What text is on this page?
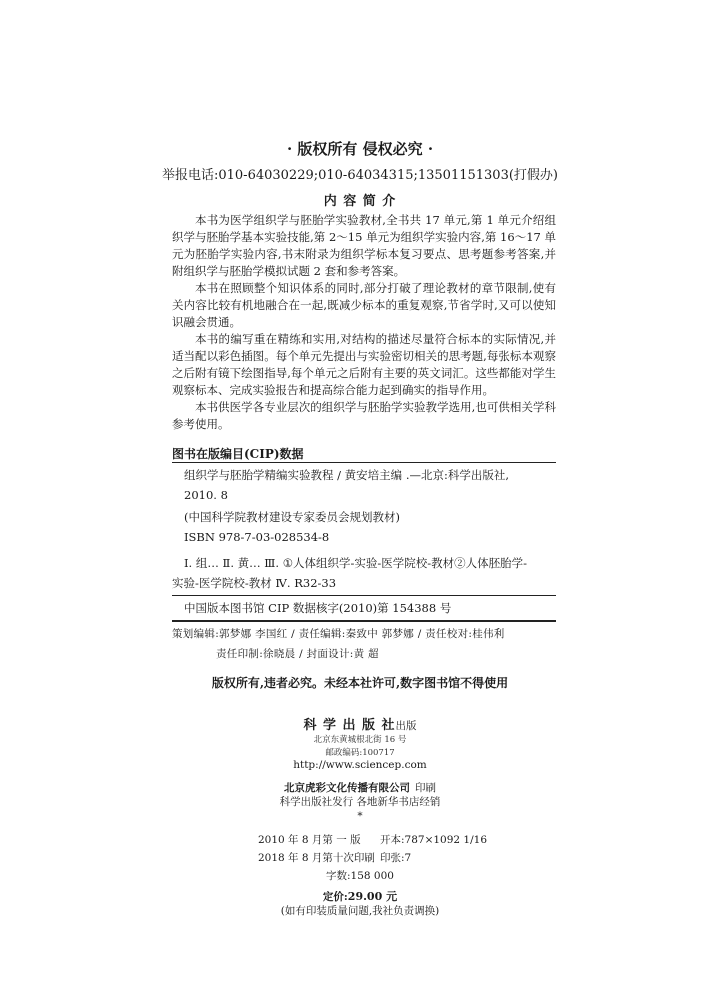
· 版权所有 侵权必究 ·
举报电话:010-64030229;010-64034315;13501151303(打假办)
内 容 简 介
本书为医学组织学与胚胎学实验教材,全书共 17 单元,第 1 单元介绍组织学与胚胎学基本实验技能,第 2～15 单元为组织学实验内容,第 16～17 单元为胚胎学实验内容,书末附录为组织学标本复习要点、思考题参考答案,并附组织学与胚胎学模拟试题 2 套和参考答案。
本书在照顾整个知识体系的同时,部分打破了理论教材的章节限制,使有关内容比较有机地融合在一起,既减少标本的重复观察,节省学时,又可以使知识融会贯通。
本书的编写重在精练和实用,对结构的描述尽量符合标本的实际情况,并适当配以彩色插图。每个单元先提出与实验密切相关的思考题,每张标本观察之后附有镜下绘图指导,每个单元之后附有主要的英文词汇。这些都能对学生观察标本、完成实验报告和提高综合能力起到确实的指导作用。
本书供医学各专业层次的组织学与胚胎学实验教学选用,也可供相关学科参考使用。
图书在版编目(CIP)数据
组织学与胚胎学精编实验教程 / 黄安培主编 .—北京:科学出版社,
2010. 8
(中国科学院教材建设专家委员会规划教材)
ISBN 978-7-03-028534-8
Ⅰ. 组… Ⅱ. 黄… Ⅲ. ①人体组织学-实验-医学院校-教材②人体胚胎学-
实验-医学院校-教材 Ⅳ. R32-33
中国版本图书馆 CIP 数据核字(2010)第 154388 号
策划编辑:郭梦娜 李国红 / 责任编辑:秦致中 郭梦娜 / 责任校对:桂伟利
责任印制:徐晓晨 / 封面设计:黄 超
版权所有,违者必究。未经本社许可,数字图书馆不得使用
科 学 出 版 社出版
北京东黄城根北街 16 号
邮政编码:100717
http://www.sciencep.com
北京虎彩文化传播有限公司 印刷
科学出版社发行 各地新华书店经销
*
2010 年 8 月第 一 版 开本:787×1092 1/16
2018 年 8 月第十次印刷 印张:7
字数:158 000
定价:29.00 元
(如有印装质量问题,我社负责调换)
